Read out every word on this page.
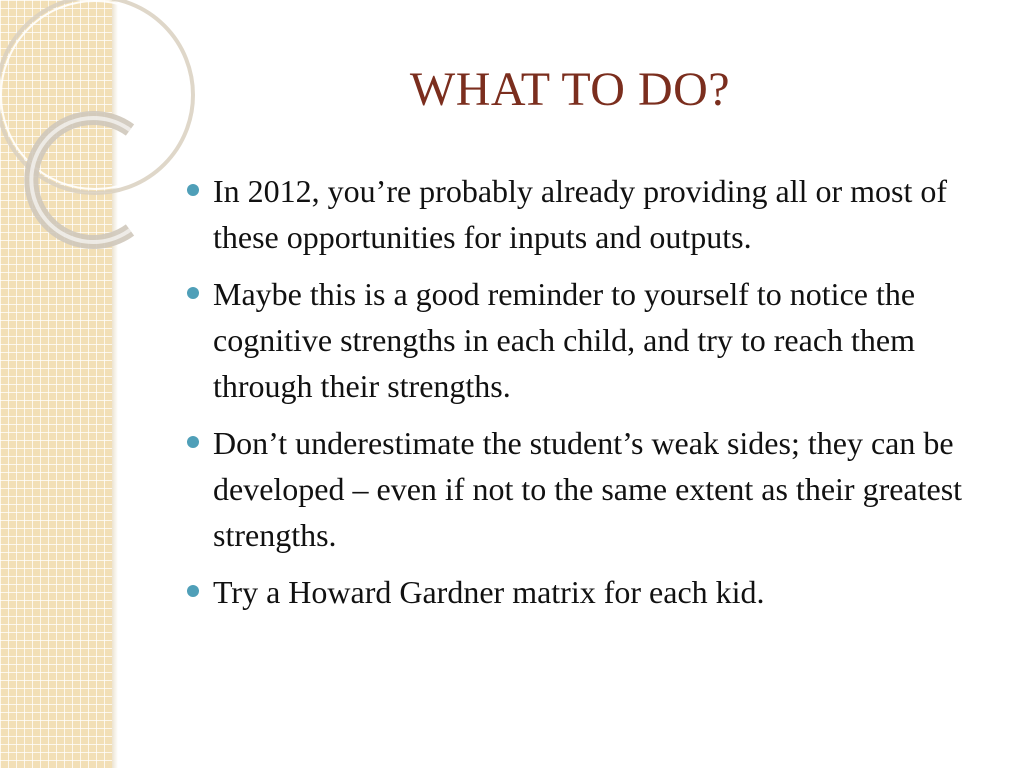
WHAT TO DO?
In 2012, you’re probably already providing all or most of these opportunities for inputs and outputs.
Maybe this is a good reminder to yourself to notice the cognitive strengths in each child, and try to reach them through their strengths.
Don’t underestimate the student’s weak sides; they can be developed – even if not to the same extent as their greatest strengths.
Try a Howard Gardner matrix for each kid.
